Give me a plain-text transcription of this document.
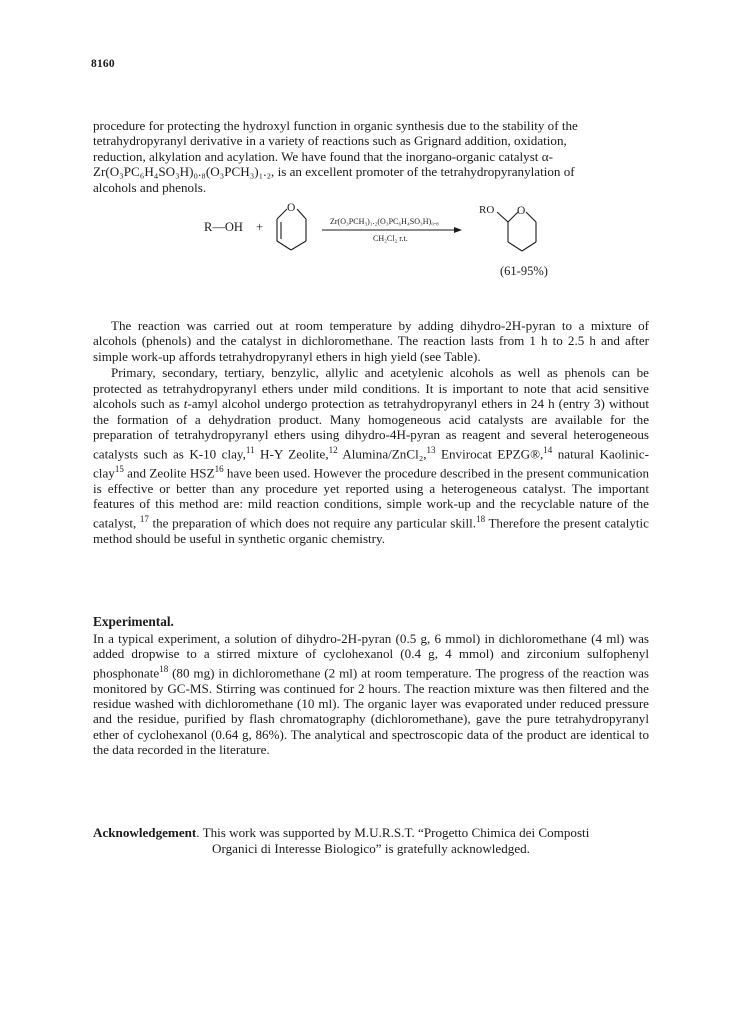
8160

procedure for protecting the hydroxyl function in organic synthesis due to the stability of the
tetrahydropyranyl derivative in a variety of reactions such as Grignard addition, oxidation,
reduction, alkylation and acylation. We have found that the inorgano-organic catalyst α-
Zr(O₃PC₆H₄SO₃H)₀.₈(O₃PCH₃)₁.₂, is an excellent promoter of the tetrahydropyranylation of
alcohols and phenols.

R—OH +
O
Zr(O₃PCH₃)₁.₂(O₃PC₆H₄SO₃H)₀.₈
CH₂Cl₂ r.t.
RO O
(61-95%)

The reaction was carried out at room temperature by adding dihydro-2H-pyran to a mixture of alcohols (phenols) and the catalyst in dichloromethane. The reaction lasts from 1 h to 2.5 h and after simple work-up affords tetrahydropyranyl ethers in high yield (see Table).

Primary, secondary, tertiary, benzylic, allylic and acetylenic alcohols as well as phenols can be protected as tetrahydropyranyl ethers under mild conditions. It is important to note that acid sensitive alcohols such as t-amyl alcohol undergo protection as tetrahydropyranyl ethers in 24 h (entry 3) without the formation of a dehydration product. Many homogeneous acid catalysts are available for the preparation of tetrahydropyranyl ethers using dihydro-4H-pyran as reagent and several heterogeneous catalysts such as K-10 clay,$^{11}$ H-Y Zeolite,$^{12}$ Alumina/ZnCl₂,$^{13}$ Envirocat EPZG®,$^{14}$ natural Kaolinic-clay$^{15}$ and Zeolite HSZ$^{16}$ have been used. However the procedure described in the present communication is effective or better than any procedure yet reported using a heterogeneous catalyst. The important features of this method are: mild reaction conditions, simple work-up and the recyclable nature of the catalyst, $^{17}$ the preparation of which does not require any particular skill.$^{18}$ Therefore the present catalytic method should be useful in synthetic organic chemistry.

Experimental.

In a typical experiment, a solution of dihydro-2H-pyran (0.5 g, 6 mmol) in dichloromethane (4 ml) was added dropwise to a stirred mixture of cyclohexanol (0.4 g, 4 mmol) and zirconium sulfophenyl phosphonate$^{18}$ (80 mg) in dichloromethane (2 ml) at room temperature. The progress of the reaction was monitored by GC-MS. Stirring was continued for 2 hours. The reaction mixture was then filtered and the residue washed with dichloromethane (10 ml). The organic layer was evaporated under reduced pressure and the residue, purified by flash chromatography (dichloromethane), gave the pure tetrahydropyranyl ether of cyclohexanol (0.64 g, 86%). The analytical and spectroscopic data of the product are identical to the data recorded in the literature.

Acknowledgement. This work was supported by M.U.R.S.T. “Progetto Chimica dei Composti
Organici di Interesse Biologico” is gratefully acknowledged.
